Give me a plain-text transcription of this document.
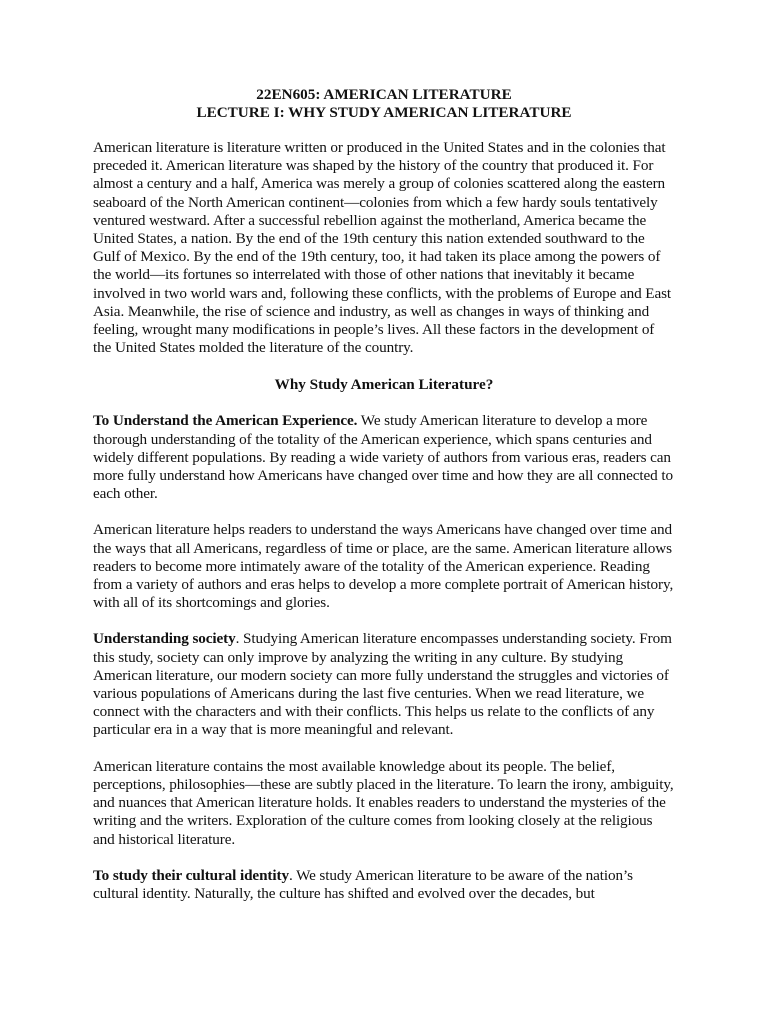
22EN605: AMERICAN LITERATURE
LECTURE I: WHY STUDY AMERICAN LITERATURE

American literature is literature written or produced in the United States and in the colonies that preceded it. American literature was shaped by the history of the country that produced it. For almost a century and a half, America was merely a group of colonies scattered along the eastern seaboard of the North American continent—colonies from which a few hardy souls tentatively ventured westward. After a successful rebellion against the motherland, America became the United States, a nation. By the end of the 19th century this nation extended southward to the Gulf of Mexico. By the end of the 19th century, too, it had taken its place among the powers of the world—its fortunes so interrelated with those of other nations that inevitably it became involved in two world wars and, following these conflicts, with the problems of Europe and East Asia. Meanwhile, the rise of science and industry, as well as changes in ways of thinking and feeling, wrought many modifications in people’s lives. All these factors in the development of the United States molded the literature of the country.

Why Study American Literature?

To Understand the American Experience. We study American literature to develop a more thorough understanding of the totality of the American experience, which spans centuries and widely different populations. By reading a wide variety of authors from various eras, readers can more fully understand how Americans have changed over time and how they are all connected to each other.

American literature helps readers to understand the ways Americans have changed over time and the ways that all Americans, regardless of time or place, are the same. American literature allows readers to become more intimately aware of the totality of the American experience. Reading from a variety of authors and eras helps to develop a more complete portrait of American history, with all of its shortcomings and glories.

Understanding society. Studying American literature encompasses understanding society. From this study, society can only improve by analyzing the writing in any culture. By studying American literature, our modern society can more fully understand the struggles and victories of various populations of Americans during the last five centuries. When we read literature, we connect with the characters and with their conflicts. This helps us relate to the conflicts of any particular era in a way that is more meaningful and relevant.

American literature contains the most available knowledge about its people. The belief, perceptions, philosophies—these are subtly placed in the literature. To learn the irony, ambiguity, and nuances that American literature holds. It enables readers to understand the mysteries of the writing and the writers. Exploration of the culture comes from looking closely at the religious and historical literature.

To study their cultural identity. We study American literature to be aware of the nation’s cultural identity. Naturally, the culture has shifted and evolved over the decades, but
